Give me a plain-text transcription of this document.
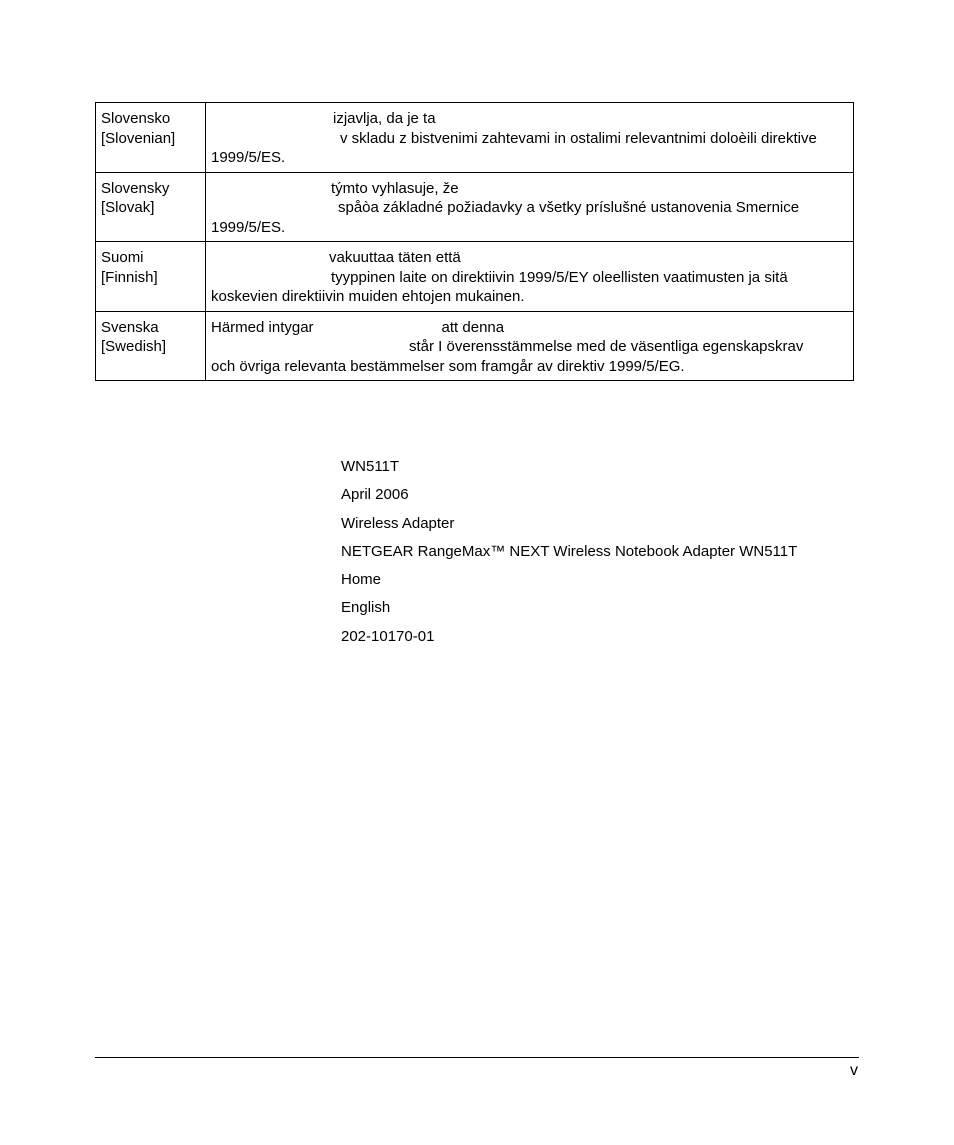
Slovensko
[Slovenian]	izjavlja, da je ta
v skladu z bistvenimi zahtevami in ostalimi relevantnimi doloèili direktive
1999/5/ES.

Slovensky
[Slovak]	týmto vyhlasuje, že
spåòa základné požiadavky a všetky príslušné ustanovenia Smernice
1999/5/ES.

Suomi
[Finnish]	vakuuttaa täten että
tyyppinen laite on direktiivin 1999/5/EY oleellisten vaatimusten ja sitä
koskevien direktiivin muiden ehtojen mukainen.

Svenska
[Swedish]	Härmed intygar att denna
står I överensstämmelse med de väsentliga egenskapskrav
och övriga relevanta bestämmelser som framgår av direktiv 1999/5/EG.
WN511T
April 2006
Wireless Adapter
NETGEAR RangeMax™ NEXT Wireless Notebook Adapter WN511T
Home
English
202-10170-01
v
